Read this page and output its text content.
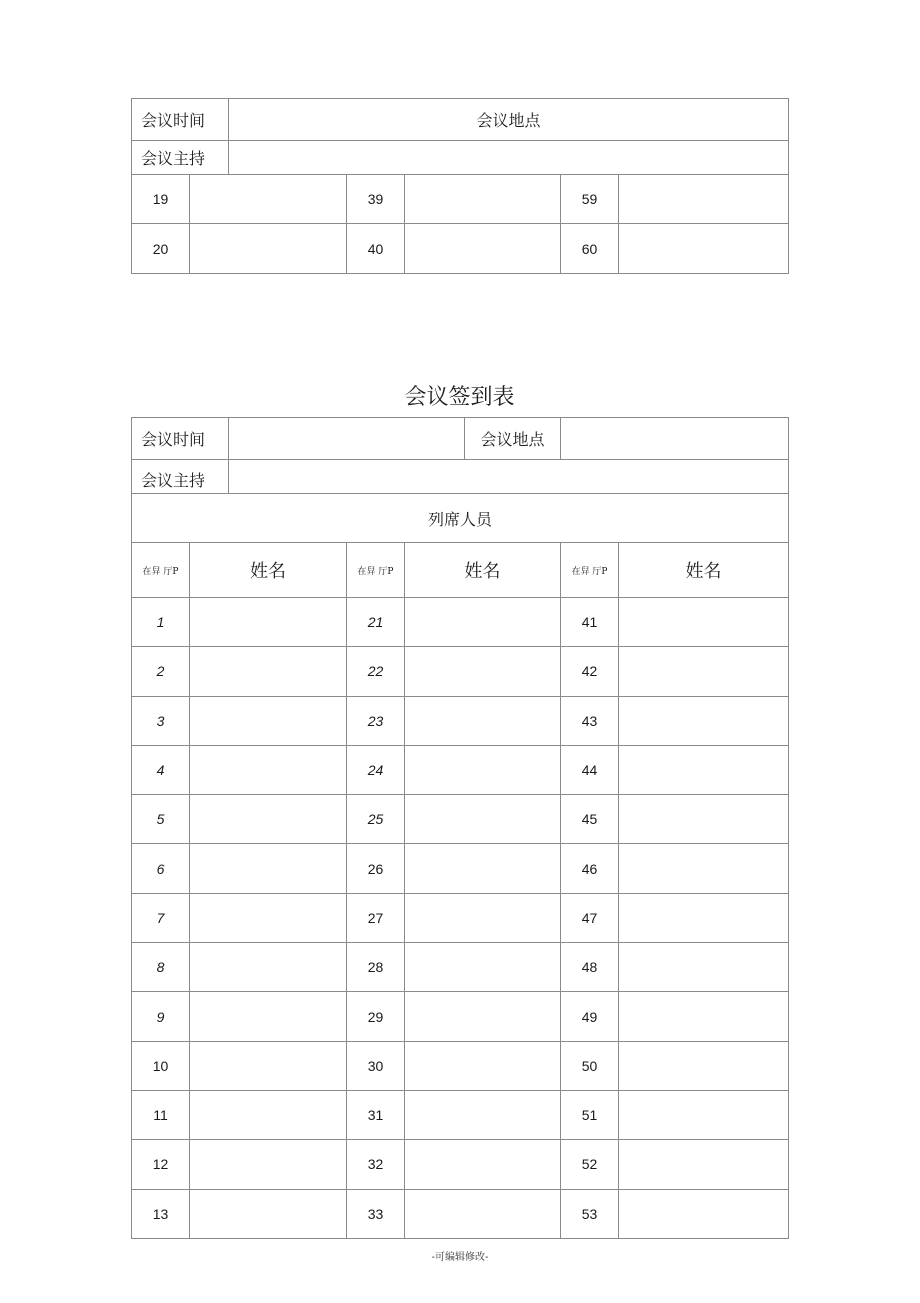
会议时间		会议地点				
会议主持						
19			39		59	
20			40		60	
会议签到表
会议时间					会议地点		
会议主持							
列席人员							
在舁 厅P	姓名		在舁 厅P	姓名		在舁 厅P	姓名
1			21			41	
2			22			42	
3			23			43	
4			24			44	
5			25			45	
6			26			46	
7			27			47	
8			28			48	
9			29			49	
10			30			50	
11			31			51	
12			32			52	
13			33			53	
-可编辑修改-
